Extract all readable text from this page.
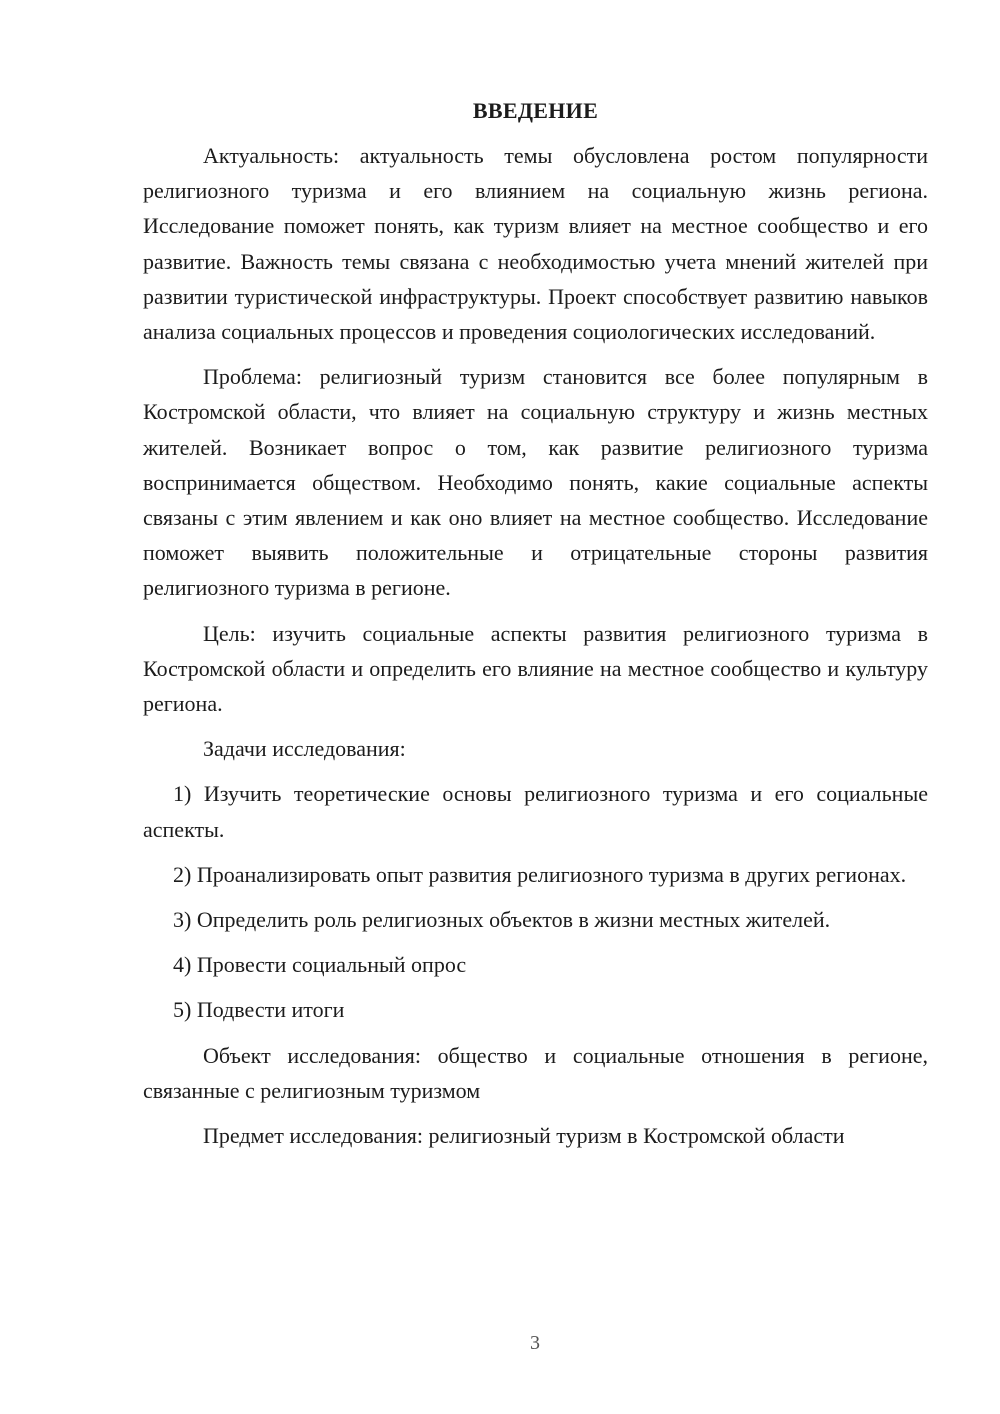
ВВЕДЕНИЕ

Актуальность: актуальность темы обусловлена ростом популярности религиозного туризма и его влиянием на социальную жизнь региона. Исследование поможет понять, как туризм влияет на местное сообщество и его развитие. Важность темы связана с необходимостью учета мнений жителей при развитии туристической инфраструктуры. Проект способствует развитию навыков анализа социальных процессов и проведения социологических исследований.

Проблема: религиозный туризм становится все более популярным в Костромской области, что влияет на социальную структуру и жизнь местных жителей. Возникает вопрос о том, как развитие религиозного туризма воспринимается обществом. Необходимо понять, какие социальные аспекты связаны с этим явлением и как оно влияет на местное сообщество. Исследование поможет выявить положительные и отрицательные стороны развития религиозного туризма в регионе.

Цель: изучить социальные аспекты развития религиозного туризма в Костромской области и определить его влияние на местное сообщество и культуру региона.

Задачи исследования:

1) Изучить теоретические основы религиозного туризма и его социальные аспекты.

2) Проанализировать опыт развития религиозного туризма в других регионах.

3) Определить роль религиозных объектов в жизни местных жителей.

4) Провести социальный опрос

5) Подвести итоги

Объект исследования: общество и социальные отношения в регионе, связанные с религиозным туризмом

Предмет исследования: религиозный туризм в Костромской области

3
